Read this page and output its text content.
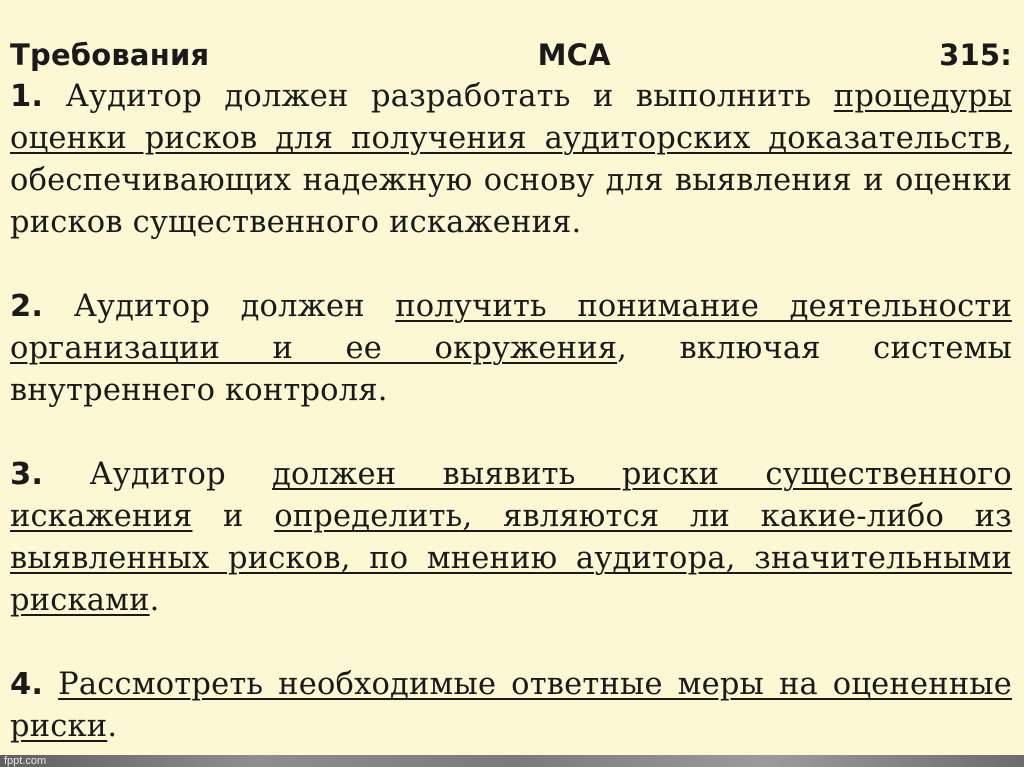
Требования	МСА	315:

1. Аудитор должен разработать и выполнить процедуры оценки рисков для получения аудиторских доказательств, обеспечивающих надежную основу для выявления и оценки рисков существенного искажения.

2. Аудитор должен получить понимание деятельности организации и ее окружения, включая системы внутреннего контроля.

3. Аудитор должен выявить риски существенного искажения и определить, являются ли какие-либо из выявленных рисков, по мнению аудитора, значительными рисками.

4. Рассмотреть необходимые ответные меры на оцененные риски.

fppt.com
